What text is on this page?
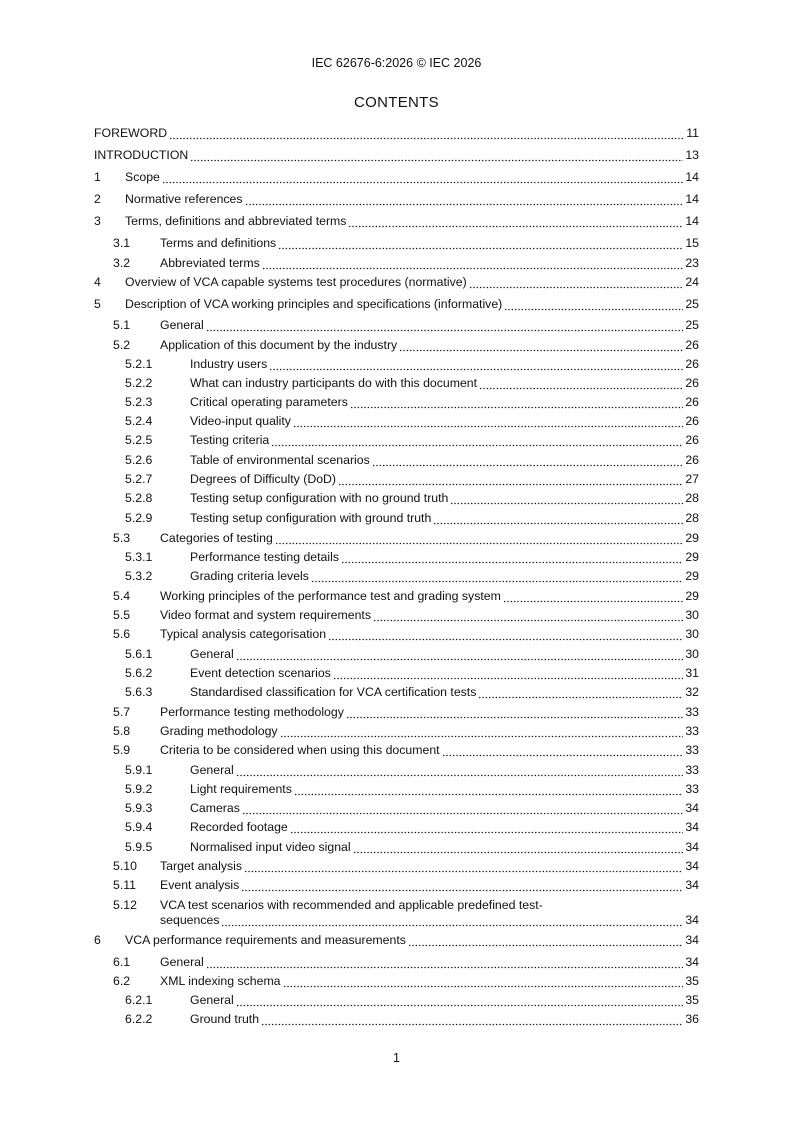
IEC 62676-6:2026 © IEC 2026
CONTENTS
FOREWORD	11
INTRODUCTION	13
1	Scope	14
2	Normative references	14
3	Terms, definitions and abbreviated terms	14
3.1	Terms and definitions	15
3.2	Abbreviated terms	23
4	Overview of VCA capable systems test procedures (normative)	24
5	Description of VCA working principles and specifications (informative)	25
5.1	General	25
5.2	Application of this document by the industry	26
5.2.1	Industry users	26
5.2.2	What can industry participants do with this document	26
5.2.3	Critical operating parameters	26
5.2.4	Video-input quality	26
5.2.5	Testing criteria	26
5.2.6	Table of environmental scenarios	26
5.2.7	Degrees of Difficulty (DoD)	27
5.2.8	Testing setup configuration with no ground truth	28
5.2.9	Testing setup configuration with ground truth	28
5.3	Categories of testing	29
5.3.1	Performance testing details	29
5.3.2	Grading criteria levels	29
5.4	Working principles of the performance test and grading system	29
5.5	Video format and system requirements	30
5.6	Typical analysis categorisation	30
5.6.1	General	30
5.6.2	Event detection scenarios	31
5.6.3	Standardised classification for VCA certification tests	32
5.7	Performance testing methodology	33
5.8	Grading methodology	33
5.9	Criteria to be considered when using this document	33
5.9.1	General	33
5.9.2	Light requirements	33
5.9.3	Cameras	34
5.9.4	Recorded footage	34
5.9.5	Normalised input video signal	34
5.10	Target analysis	34
5.11	Event analysis	34
5.12 VCA test scenarios with recommended and applicable predefined test-
sequences	34
6	VCA performance requirements and measurements	34
6.1	General	34
6.2	XML indexing schema	35
6.2.1	General	35
6.2.2	Ground truth	36
1
